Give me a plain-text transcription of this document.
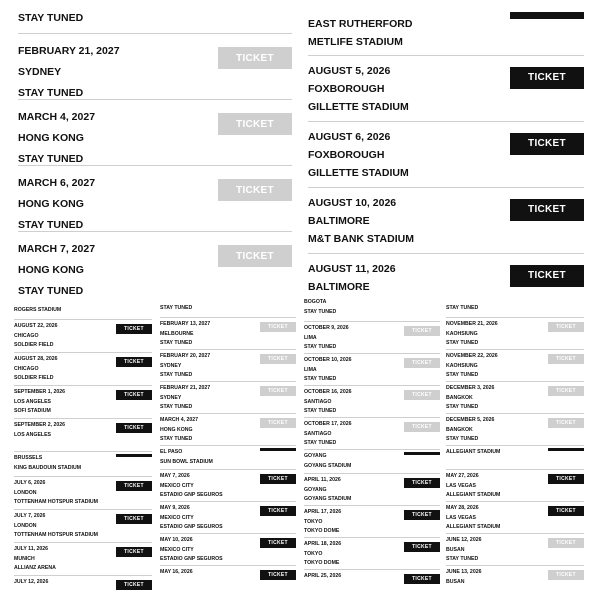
STAY TUNED
FEBRUARY 21, 2027
SYDNEY
STAY TUNED
TICKET
MARCH 4, 2027
HONG KONG
STAY TUNED
TICKET
MARCH 6, 2027
HONG KONG
STAY TUNED
TICKET
MARCH 7, 2027
HONG KONG
STAY TUNED
TICKET
EAST RUTHERFORD
METLIFE STADIUM
AUGUST 5, 2026
FOXBOROUGH
GILLETTE STADIUM
TICKET
AUGUST 6, 2026
FOXBOROUGH
GILLETTE STADIUM
TICKET
AUGUST 10, 2026
BALTIMORE
M&T BANK STADIUM
TICKET
AUGUST 11, 2026
BALTIMORE
TICKET
ROGERS STADIUM
AUGUST 22, 2026
CHICAGO
SOLDIER FIELD
TICKET
AUGUST 28, 2026
CHICAGO
SOLDIER FIELD
TICKET
SEPTEMBER 1, 2026
LOS ANGELES
SOFI STADIUM
TICKET
SEPTEMBER 2, 2026
LOS ANGELES
TICKET
BRUSSELS
KING BAUDOUIN STADIUM
JULY 6, 2026
LONDON
TOTTENHAM HOTSPUR STADIUM
TICKET
JULY 7, 2026
LONDON
TOTTENHAM HOTSPUR STADIUM
TICKET
JULY 11, 2026
MUNICH
ALLIANZ ARENA
TICKET
JULY 12, 2026	TICKET
STAY TUNED
FEBRUARY 13, 2027
MELBOURNE
STAY TUNED
TICKET
FEBRUARY 20, 2027
SYDNEY
STAY TUNED
TICKET
FEBRUARY 21, 2027
SYDNEY
STAY TUNED
TICKET
MARCH 4, 2027
HONG KONG
STAY TUNED
TICKET
EL PASO
SUN BOWL STADIUM
MAY 7, 2026
MEXICO CITY
ESTADIO GNP SEGUROS
TICKET
MAY 9, 2026
MEXICO CITY
ESTADIO GNP SEGUROS
TICKET
MAY 10, 2026
MEXICO CITY
ESTADIO GNP SEGUROS
TICKET
MAY 16, 2026	TICKET
BOGOTA
STAY TUNED
OCTOBER 9, 2026
LIMA
STAY TUNED
TICKET
OCTOBER 10, 2026
LIMA
STAY TUNED
TICKET
OCTOBER 16, 2026
SANTIAGO
STAY TUNED
TICKET
OCTOBER 17, 2026
SANTIAGO
STAY TUNED
TICKET
GOYANG
GOYANG STADIUM
APRIL 11, 2026
GOYANG
GOYANG STADIUM
TICKET
APRIL 17, 2026
TOKYO
TOKYO DOME
TICKET
APRIL 18, 2026
TOKYO
TOKYO DOME
TICKET
APRIL 25, 2026	TICKET
STAY TUNED
NOVEMBER 21, 2026
KAOHSIUNG
STAY TUNED
TICKET
NOVEMBER 22, 2026
KAOHSIUNG
STAY TUNED
TICKET
DECEMBER 3, 2026
BANGKOK
STAY TUNED
TICKET
DECEMBER 5, 2026
BANGKOK
STAY TUNED
TICKET
ALLEGIANT STADIUM
MAY 27, 2026
LAS VEGAS
ALLEGIANT STADIUM
TICKET
MAY 28, 2026
LAS VEGAS
ALLEGIANT STADIUM
TICKET
JUNE 12, 2026
BUSAN
STAY TUNED
TICKET
JUNE 13, 2026
BUSAN
TICKET
